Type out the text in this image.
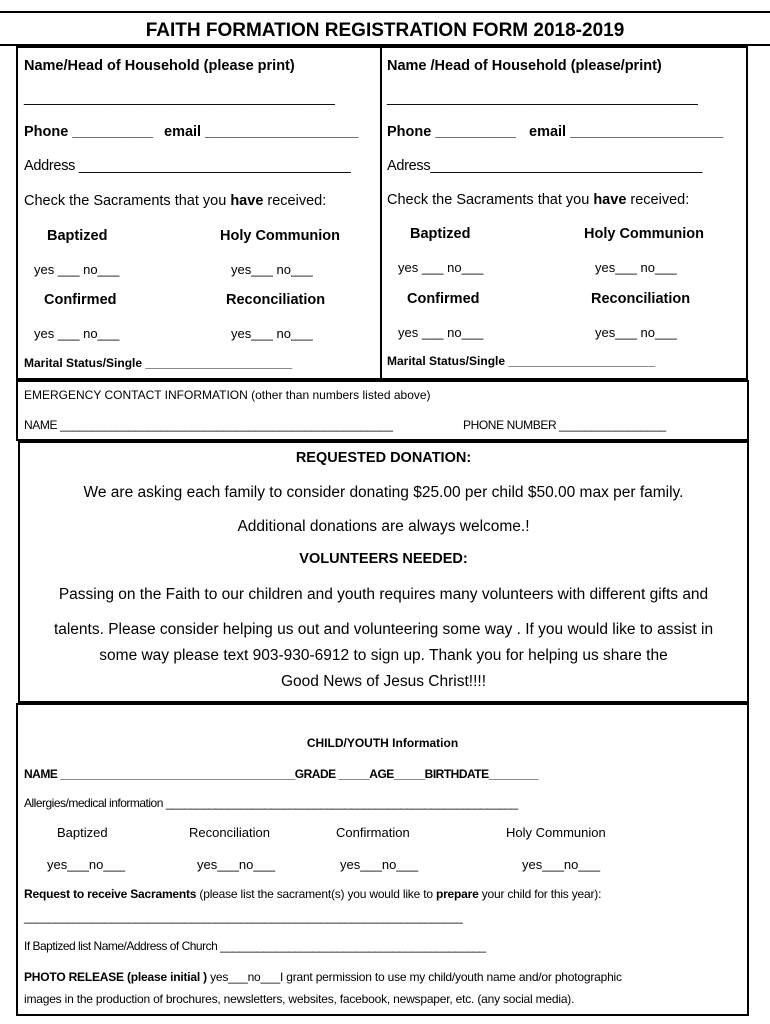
FAITH FORMATION REGISTRATION FORM 2018-2019
Name/Head of Household (please print)
________________________________________
Phone __________ email ___________________
Address ___________________________________
Check the Sacraments that you have received:
Baptized	Holy Communion
yes ___ no___	yes___ no___
Confirmed	Reconciliation
yes ___ no___	yes___ no___
Marital Status/Single ______________________
Name /Head of Household (please/print)
________________________________________
Phone __________ email ___________________
Adress___________________________________
Check the Sacraments that you have received:
Baptized	Holy Communion
yes ___ no___	yes___ no___
Confirmed	Reconciliation
yes ___ no___	yes___ no___
Marital Status/Single ______________________
EMERGENCY CONTACT INFORMATION (other than numbers listed above)
NAME _____________________________________________________	PHONE NUMBER _________________
REQUESTED DONATION:
We are asking each family to consider donating $25.00 per child $50.00 max per family.
Additional donations are always welcome.!
VOLUNTEERS NEEDED:
Passing on the Faith to our children and youth requires many volunteers with different gifts and
talents. Please consider helping us out and volunteering some way . If you would like to assist in
some way please text 903-930-6912 to sign up. Thank you for helping us share the
Good News of Jesus Christ!!!!
CHILD/YOUTH Information
NAME ______________________________________GRADE _____AGE_____BIRTHDATE________
Allergies/medical information _________________________________________________________
Baptized	Reconciliation	Confirmation	Holy Communion
yes___no___	yes___no___	yes___no___	yes___no___
Request to receive Sacraments (please list the sacrament(s) you would like to prepare your child for this year):
_______________________________________________________________________
If Baptized list Name/Address of Church ___________________________________________
PHOTO RELEASE (please initial ) yes___no___I grant permission to use my child/youth name and/or photographic
images in the production of brochures, newsletters, websites, facebook, newspaper, etc. (any social media).
